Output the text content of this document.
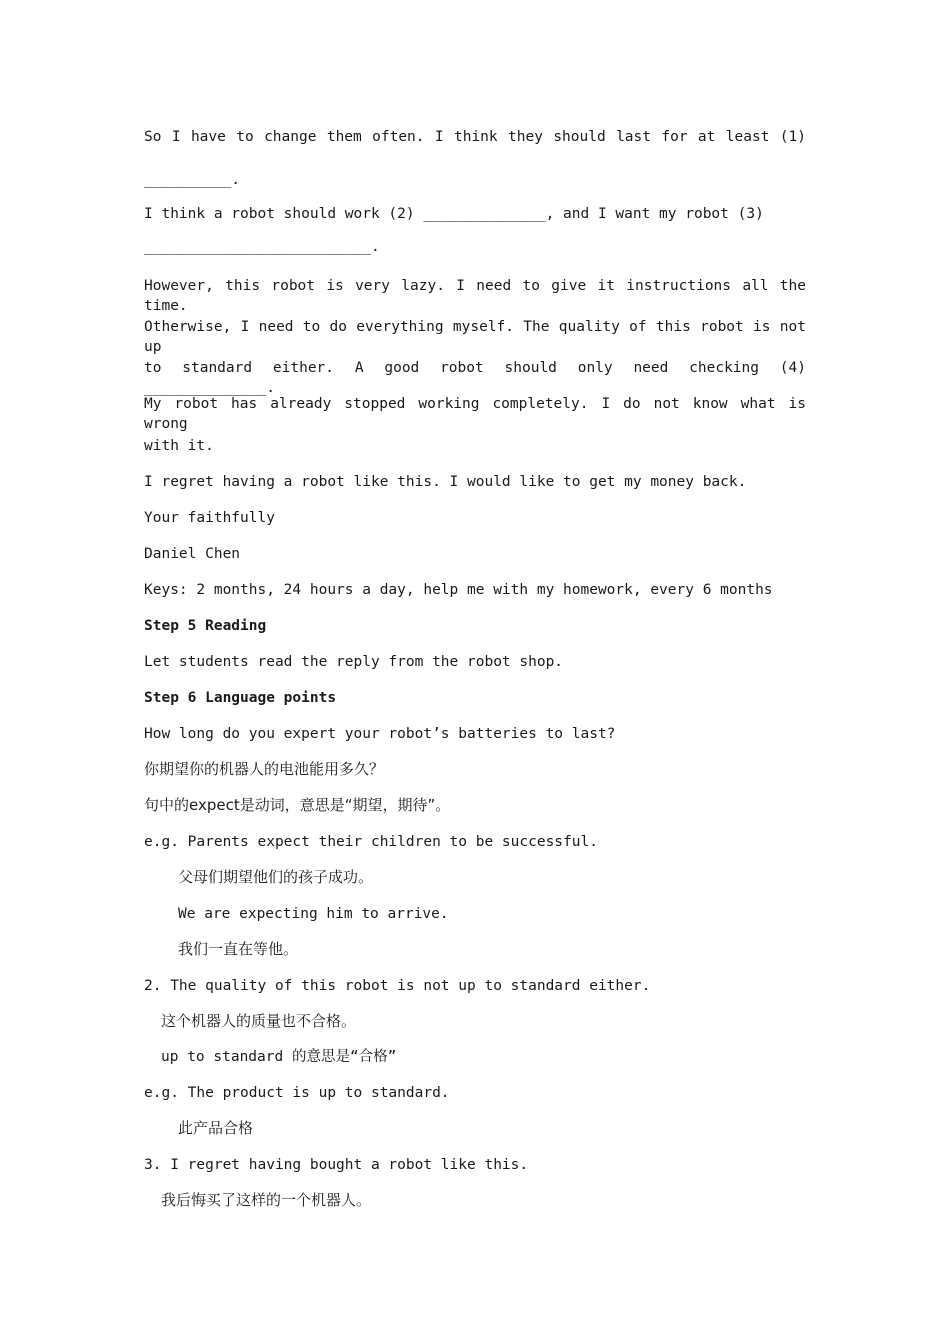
So I have to change them often. I think they should last for at least (1)
__________.
I think a robot should work (2) ______________, and I want my robot (3)
__________________________.
However, this robot is very lazy. I need to give it instructions all the time.
Otherwise, I need to do everything myself. The quality of this robot is not up
to standard either. A good robot should only need checking (4) ______________.
My robot has already stopped working completely. I do not know what is wrong
with it.
I regret having a robot like this. I would like to get my money back.
Your faithfully
Daniel Chen
Keys: 2 months, 24 hours a day, help me with my homework, every 6 months
Step 5 Reading
Let students read the reply from the robot shop.
Step 6 Language points
How long do you expert your robot’s batteries to last?
你期望你的机器人的电池能用多久？
句中的expect是动词，意思是“期望，期待”。
e.g. Parents expect their children to be successful.
父母们期望他们的孩子成功。
We are expecting him to arrive.
我们一直在等他。
2. The quality of this robot is not up to standard either.
这个机器人的质量也不合格。
up to standard 的意思是“合格”
e.g. The product is up to standard.
此产品合格
3. I regret having bought a robot like this.
我后悔买了这样的一个机器人。
